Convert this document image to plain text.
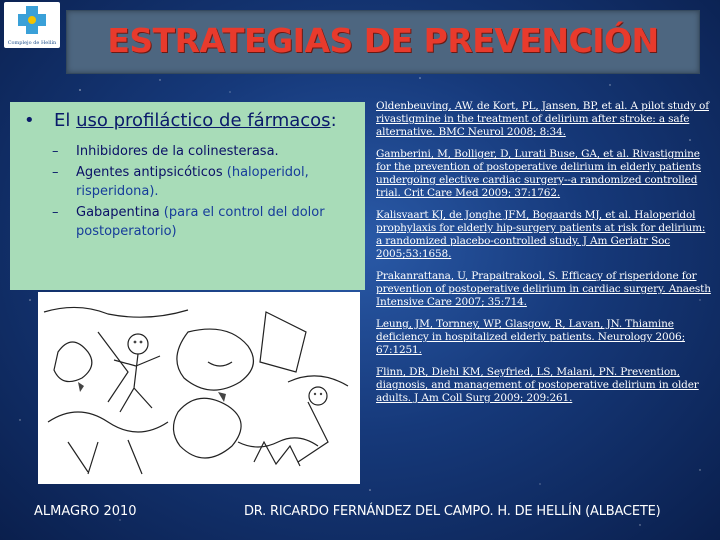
Complejo de Hellín	ESTRATEGIAS DE PREVENCIÓN
• El uso profiláctico de fármacos:
– Inhibidores de la colinesterasa.
– Agentes antipsicóticos (haloperidol, risperidona).
– Gabapentina (para el control del dolor postoperatorio)
Oldenbeuving, AW, de Kort, PL, Jansen, BP, et al. A pilot study of rivastigmine in the treatment of delirium after stroke: a safe alternative. BMC Neurol 2008; 8:34.
Gamberini, M, Bolliger, D, Lurati Buse, GA, et al. Rivastigmine for the prevention of postoperative delirium in elderly patients undergoing elective cardiac surgery--a randomized controlled trial. Crit Care Med 2009; 37:1762.
Kalisvaart KJ, de Jonghe JFM, Bogaards MJ, et al. Haloperidol prophylaxis for elderly hip-surgery patients at risk for delirium: a randomized placebo-controlled study. J Am Geriatr Soc 2005;53:1658.
Prakanrattana, U, Prapaitrakool, S. Efficacy of risperidone for prevention of postoperative delirium in cardiac surgery. Anaesth Intensive Care 2007; 35:714.
Leung, JM, Tornney, WP, Glasgow, R, Lavan, JN. Thiamine deficiency in hospitalized elderly patients. Neurology 2006; 67:1251.
Flinn, DR, Diehl KM, Seyfried, LS, Malani, PN. Prevention, diagnosis, and management of postoperative delirium in older adults. J Am Coll Surg 2009; 209:261.
ALMAGRO 2010	DR. RICARDO FERNÁNDEZ DEL CAMPO. H. DE HELLÍN (ALBACETE)
